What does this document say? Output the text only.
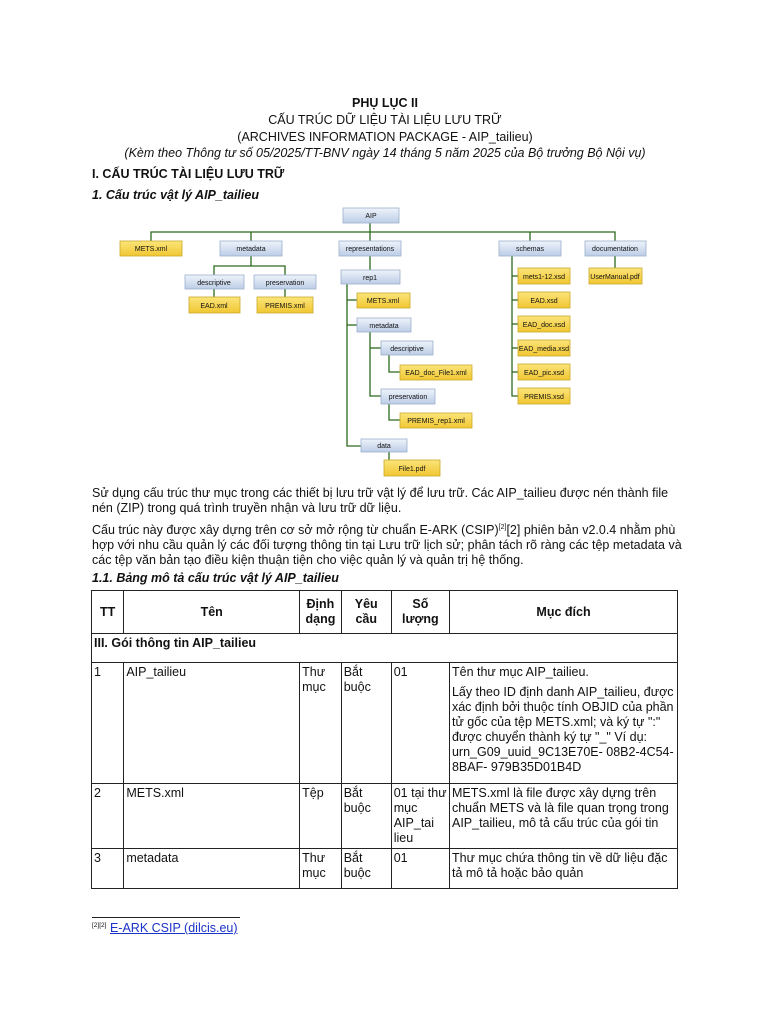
PHỤ LỤC II
CẤU TRÚC DỮ LIỆU TÀI LIỆU LƯU TRỮ
(ARCHIVES INFORMATION PACKAGE - AIP_tailieu)
(Kèm theo Thông tư số 05/2025/TT-BNV ngày 14 tháng 5 năm 2025 của Bộ trưởng Bộ Nội vụ)
I. CẤU TRÚC TÀI LIỆU LƯU TRỮ
1. Cấu trúc vật lý AIP_tailieu
AIP
METS.xml	metadata	representations	schemas	documentation
descriptive	preservation
EAD.xml	PREMIS.xml
rep1
METS.xml
metadata
descriptive
EAD_doc_File1.xml
preservation
PREMIS_rep1.xml
data
File1.pdf
mets1-12.xsd
EAD.xsd
EAD_doc.xsd
EAD_media.xsd
EAD_pic.xsd
PREMIS.xsd
UserManual.pdf
Sử dụng cấu trúc thư mục trong các thiết bị lưu trữ vật lý để lưu trữ. Các AIP_tailieu được nén thành file nén (ZIP) trong quá trình truyền nhận và lưu trữ dữ liệu.
Cấu trúc này được xây dựng trên cơ sở mở rộng từ chuẩn E-ARK (CSIP)[2][2] phiên bản v2.0.4 nhằm phù hợp với nhu cầu quản lý các đối tượng thông tin tại Lưu trữ lịch sử; phân tách rõ ràng các tệp metadata và các tệp văn bản tạo điều kiện thuận tiện cho việc quản lý và quản trị hệ thống.
1.1. Bảng mô tả cấu trúc vật lý AIP_tailieu
TT	Tên	Định dạng	Yêu cầu	Số lượng	Mục đích
III. Gói thông tin AIP_tailieu					
1	AIP_tailieu	Thư mục	Bắt buộc	01	Tên thư mục AIP_tailieu.

Lấy theo ID định danh AIP_tailieu, được xác định bởi thuộc tính OBJID của phần tử gốc của tệp METS.xml; và ký tự ":" được chuyển thành ký tự "_" Ví dụ: urn_G09_uuid_9C13E70E- 08B2-4C54-8BAF- 979B35D01B4D

2	METS.xml	Tệp	Bắt buộc	01 tại thư mục AIP_tai lieu	METS.xml là file được xây dựng trên chuẩn METS và là file quan trọng trong AIP_tailieu, mô tả cấu trúc của gói tin

3	metadata	Thư mục	Bắt buộc	01	Thư mục chứa thông tin về dữ liệu đặc tả mô tả hoặc bảo quản

[2][2] E-ARK CSIP (dilcis.eu)
